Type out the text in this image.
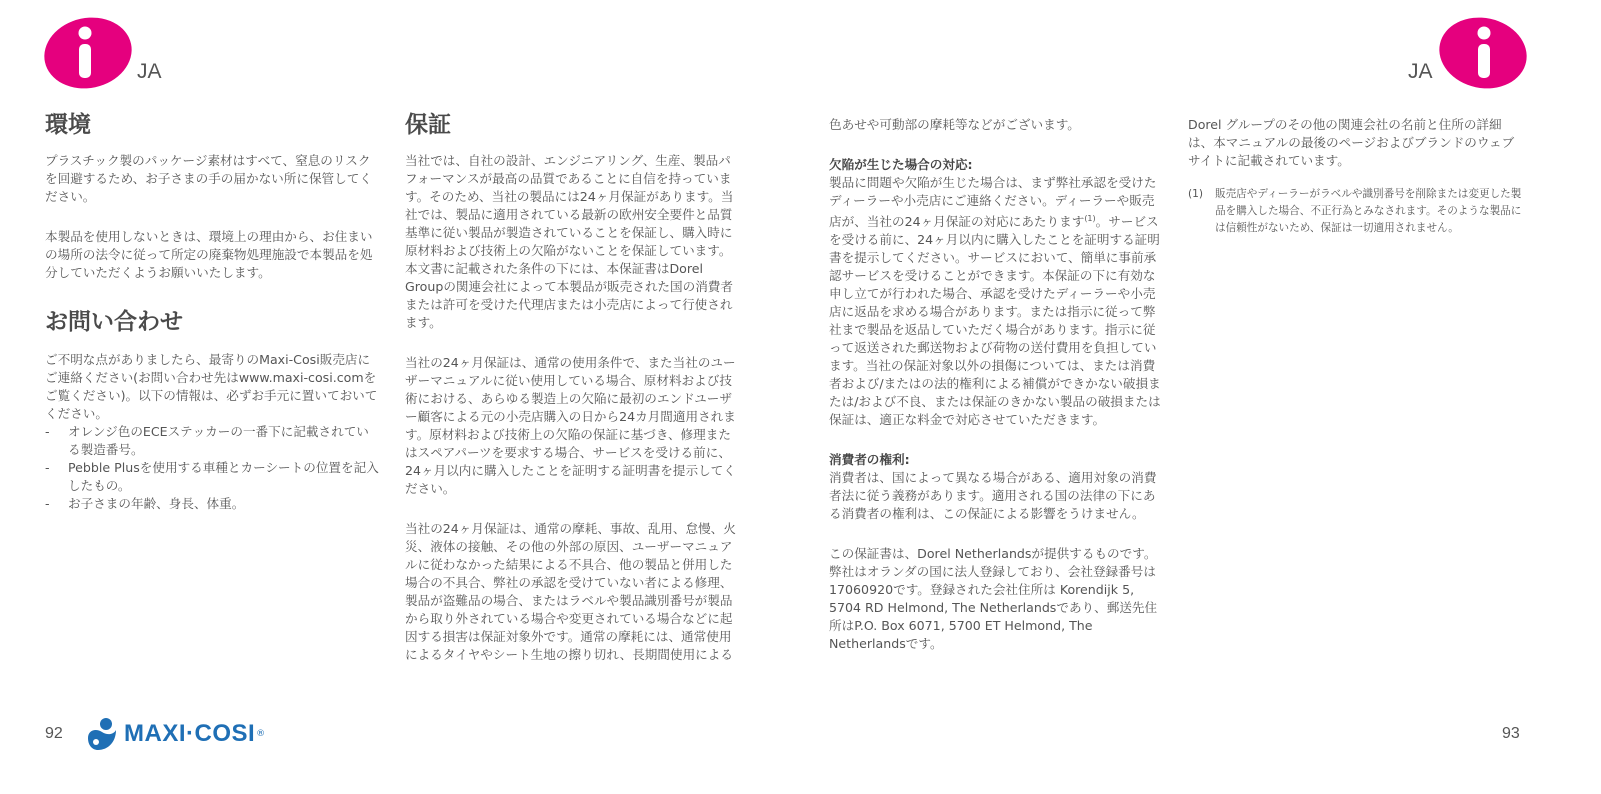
JA	JA
環境

プラスチック製のパッケージ素材はすべて、窒息のリスクを回避するため、お子さまの手の届かない所に保管してください。

本製品を使用しないときは、環境上の理由から、お住まいの場所の法令に従って所定の廃棄物処理施設で本製品を処分していただくようお願いいたします。

お問い合わせ

ご不明な点がありましたら、最寄りのMaxi-Cosi販売店にご連絡ください(お問い合わせ先はwww.maxi-cosi.comをご覧ください)。以下の情報は、必ずお手元に置いておいてください。

- オレンジ色のECEステッカーの一番下に記載されている製造番号。
- Pebble Plusを使用する車種とカーシートの位置を記入したもの。
- お子さまの年齢、身長、体重。
保証

当社では、自社の設計、エンジニアリング、生産、製品パフォーマンスが最高の品質であることに自信を持っています。そのため、当社の製品には24ヶ月保証があります。当社では、製品に適用されている最新の欧州安全要件と品質基準に従い製品が製造されていることを保証し、購入時に原材料および技術上の欠陥がないことを保証しています。本文書に記載された条件の下には、本保証書はDorel Groupの関連会社によって本製品が販売された国の消費者または許可を受けた代理店または小売店によって行使されます。

当社の24ヶ月保証は、通常の使用条件で、また当社のユーザーマニュアルに従い使用している場合、原材料および技術における、あらゆる製造上の欠陥に最初のエンドユーザー顧客による元の小売店購入の日から24カ月間適用されます。原材料および技術上の欠陥の保証に基づき、修理またはスペアパーツを要求する場合、サービスを受ける前に、24ヶ月以内に購入したことを証明する証明書を提示してください。

当社の24ヶ月保証は、通常の摩耗、事故、乱用、怠慢、火災、液体の接触、その他の外部の原因、ユーザーマニュアルに従わなかった結果による不具合、他の製品と併用した場合の不具合、弊社の承認を受けていない者による修理、製品が盗難品の場合、またはラベルや製品識別番号が製品から取り外されている場合や変更されている場合などに起因する損害は保証対象外です。通常の摩耗には、通常使用によるタイヤやシート生地の擦り切れ、長期間使用による

色あせや可動部の摩耗等などがございます。

欠陥が生じた場合の対応:

製品に問題や欠陥が生じた場合は、まず弊社承認を受けたディーラーや小売店にご連絡ください。ディーラーや販売店が、当社の24ヶ月保証の対応にあたります$^{(1)}$。サービスを受ける前に、24ヶ月以内に購入したことを証明する証明書を提示してください。サービスにおいて、簡単に事前承認サービスを受けることができます。本保証の下に有効な申し立てが行われた場合、承認を受けたディーラーや小売店に返品を求める場合があります。または指示に従って弊社まで製品を返品していただく場合があります。指示に従って返送された郵送物および荷物の送付費用を負担しています。当社の保証対象以外の損傷については、または消費者および/またはの法的権利による補償ができかない破損または/および不良、または保証のきかない製品の破損または保証は、適正な料金で対応させていただきます。

消費者の権利:

消費者は、国によって異なる場合がある、適用対象の消費者法に従う義務があります。適用される国の法律の下にある消費者の権利は、この保証による影響をうけません。

この保証書は、Dorel Netherlandsが提供するものです。弊社はオランダの国に法人登録しており、会社登録番号は17060920です。登録された会社住所は Korendijk 5, 5704 RD Helmond, The Netherlandsであり、郵送先住所はP.O. Box 6071, 5700 ET Helmond, The Netherlandsです。

Dorel グループのその他の関連会社の名前と住所の詳細は、本マニュアルの最後のページおよびブランドのウェブサイトに記載されています。

(1)	販売店やディーラーがラベルや識別番号を削除または変更した製品を購入した場合、不正行為とみなされます。そのような製品には信頼性がないため、保証は一切適用されません。
92	MAXI·COSI ®	93
